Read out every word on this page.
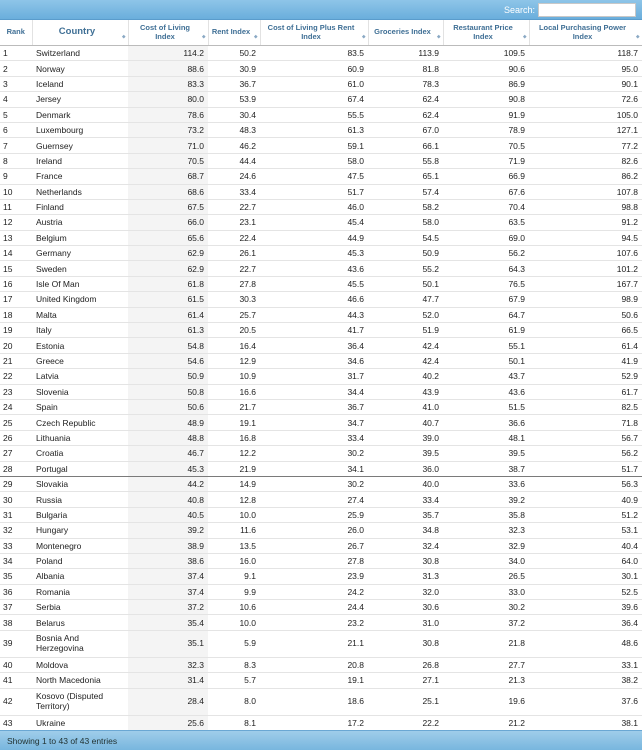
Search:
Rank	Country ⬥	Cost of Living Index ⬥	Rent Index
⬥	Cost of Living Plus Rent Index ⬥	Groceries Index
⬥	Restaurant Price Index ⬥	Local Purchasing Power Index ⬥

1	Switzerland	114.2	50.2	83.5	113.9	109.5	118.7
2	Norway	88.6	30.9	60.9	81.8	90.6	95.0
3	Iceland	83.3	36.7	61.0	78.3	86.9	90.1
4	Jersey	80.0	53.9	67.4	62.4	90.8	72.6
5	Denmark	78.6	30.4	55.5	62.4	91.9	105.0
6	Luxembourg	73.2	48.3	61.3	67.0	78.9	127.1
7	Guernsey	71.0	46.2	59.1	66.1	70.5	77.2
8	Ireland	70.5	44.4	58.0	55.8	71.9	82.6
9	France	68.7	24.6	47.5	65.1	66.9	86.2
10	Netherlands	68.6	33.4	51.7	57.4	67.6	107.8
11	Finland	67.5	22.7	46.0	58.2	70.4	98.8
12	Austria	66.0	23.1	45.4	58.0	63.5	91.2
13	Belgium	65.6	22.4	44.9	54.5	69.0	94.5
14	Germany	62.9	26.1	45.3	50.9	56.2	107.6
15	Sweden	62.9	22.7	43.6	55.2	64.3	101.2
16	Isle Of Man	61.8	27.8	45.5	50.1	76.5	167.7
17	United Kingdom	61.5	30.3	46.6	47.7	67.9	98.9
18	Malta	61.4	25.7	44.3	52.0	64.7	50.6
19	Italy	61.3	20.5	41.7	51.9	61.9	66.5
20	Estonia	54.8	16.4	36.4	42.4	55.1	61.4
21	Greece	54.6	12.9	34.6	42.4	50.1	41.9
22	Latvia	50.9	10.9	31.7	40.2	43.7	52.9
23	Slovenia	50.8	16.6	34.4	43.9	43.6	61.7
24	Spain	50.6	21.7	36.7	41.0	51.5	82.5
25	Czech Republic	48.9	19.1	34.7	40.7	36.6	71.8
26	Lithuania	48.8	16.8	33.4	39.0	48.1	56.7
27	Croatia	46.7	12.2	30.2	39.5	39.5	56.2
28	Portugal	45.3	21.9	34.1	36.0	38.7	51.7
29	Slovakia	44.2	14.9	30.2	40.0	33.6	56.3
30	Russia	40.8	12.8	27.4	33.4	39.2	40.9
31	Bulgaria	40.5	10.0	25.9	35.7	35.8	51.2
32	Hungary	39.2	11.6	26.0	34.8	32.3	53.1
33	Montenegro	38.9	13.5	26.7	32.4	32.9	40.4
34	Poland	38.6	16.0	27.8	30.8	34.0	64.0
35	Albania	37.4	9.1	23.9	31.3	26.5	30.1
36	Romania	37.4	9.9	24.2	32.0	33.0	52.5
37	Serbia	37.2	10.6	24.4	30.6	30.2	39.6
38	Belarus	35.4	10.0	23.2	31.0	37.2	36.4
39	Bosnia And Herzegovina	35.1	5.9	21.1	30.8	21.8	48.6
40	Moldova	32.3	8.3	20.8	26.8	27.7	33.1
41	North Macedonia	31.4	5.7	19.1	27.1	21.3	38.2
42	Kosovo (Disputed Territory)	28.4	8.0	18.6	25.1	19.6	37.6
43	Ukraine	25.6	8.1	17.2	22.2	21.2	38.1
Showing 1 to 43 of 43 entries
